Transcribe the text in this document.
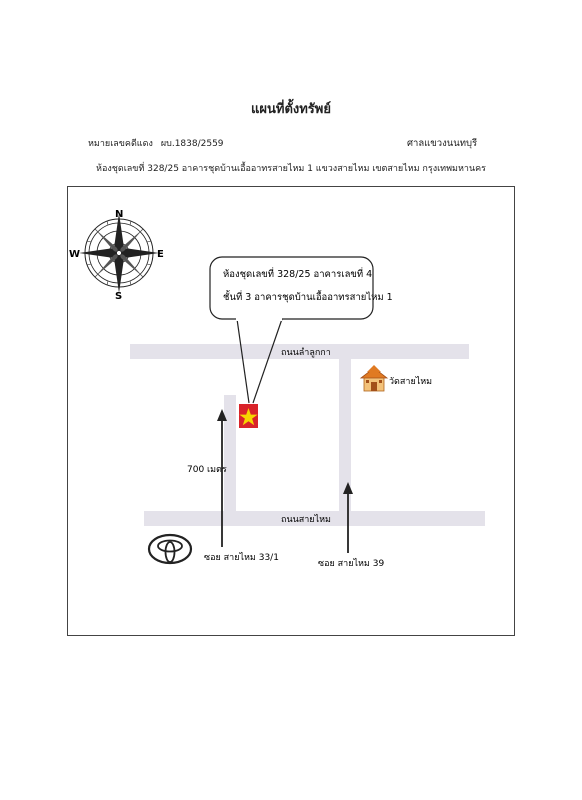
แผนที่ตั้งทรัพย์
หมายเลขคดีแดง ผบ.1838/2559	ศาลแขวงนนทบุรี
ห้องชุดเลขที่ 328/25 อาคารชุดบ้านเอื้ออาทรสายไหม 1 แขวงสายไหม เขตสายไหม กรุงเทพมหานคร
ถนนลำลูกกา
ถนนสายไหม
N
S
E
W
ห้องชุดเลขที่ 328/25 อาคารเลขที่ 4
ชั้นที่ 3 อาคารชุดบ้านเอื้ออาทรสายไหม 1
วัดสายไหม
700 เมตร
ซอย สายไหม 33/1
ซอย สายไหม 39
